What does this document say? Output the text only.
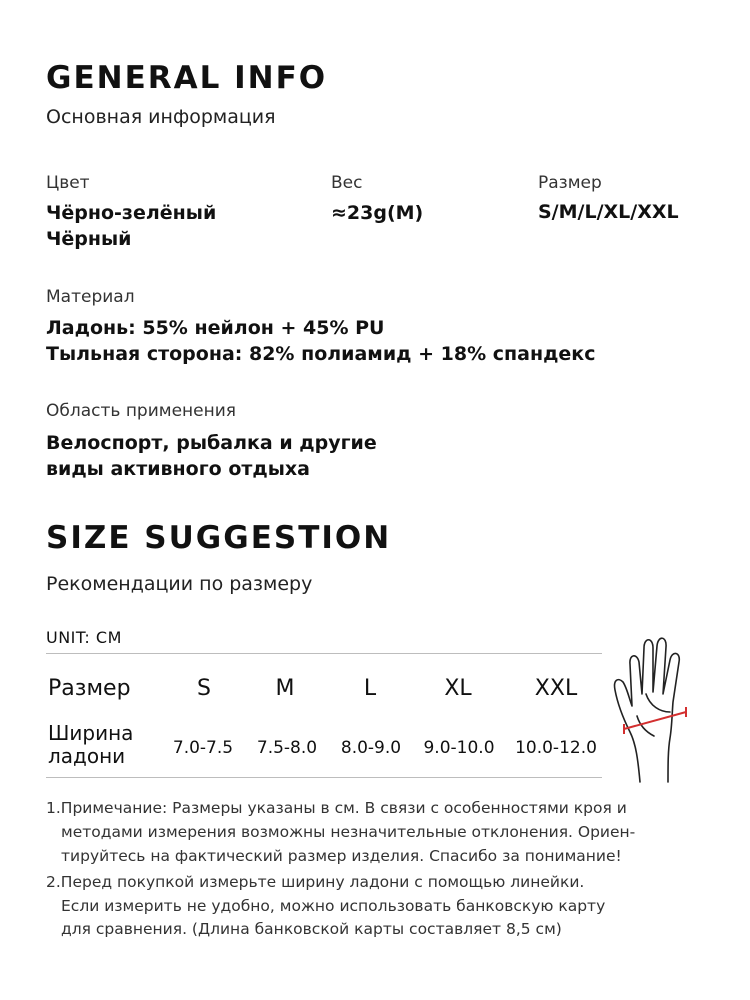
GENERAL INFO
Основная информация
Цвет
Чёрно-зелёный
Чёрный
Вес
≈23g(M)
Размер
S/M/L/XL/XXL
Материал
Ладонь: 55% нейлон + 45% PU
Тыльная сторона: 82% полиамид + 18% спандекс
Область применения
Велоспорт, рыбалка и другие
виды активного отдыха
SIZE SUGGESTION
Рекомендации по размеру
UNIT: CM
Размер	S	M	L	XL	XXL
Ширина
ладони	7.0-7.5 7.5-8.0 8.0-9.0 9.0-10.0 10.0-12.0
1.Примечание: Размеры указаны в см. В связи с особенностями кроя и
методами измерения возможны незначительные отклонения. Ориен-
тируйтесь на фактический размер изделия. Спасибо за понимание!
2.Перед покупкой измерьте ширину ладони с помощью линейки.
Если измерить не удобно, можно использовать банковскую карту
для сравнения. (Длина банковской карты составляет 8,5 см)
